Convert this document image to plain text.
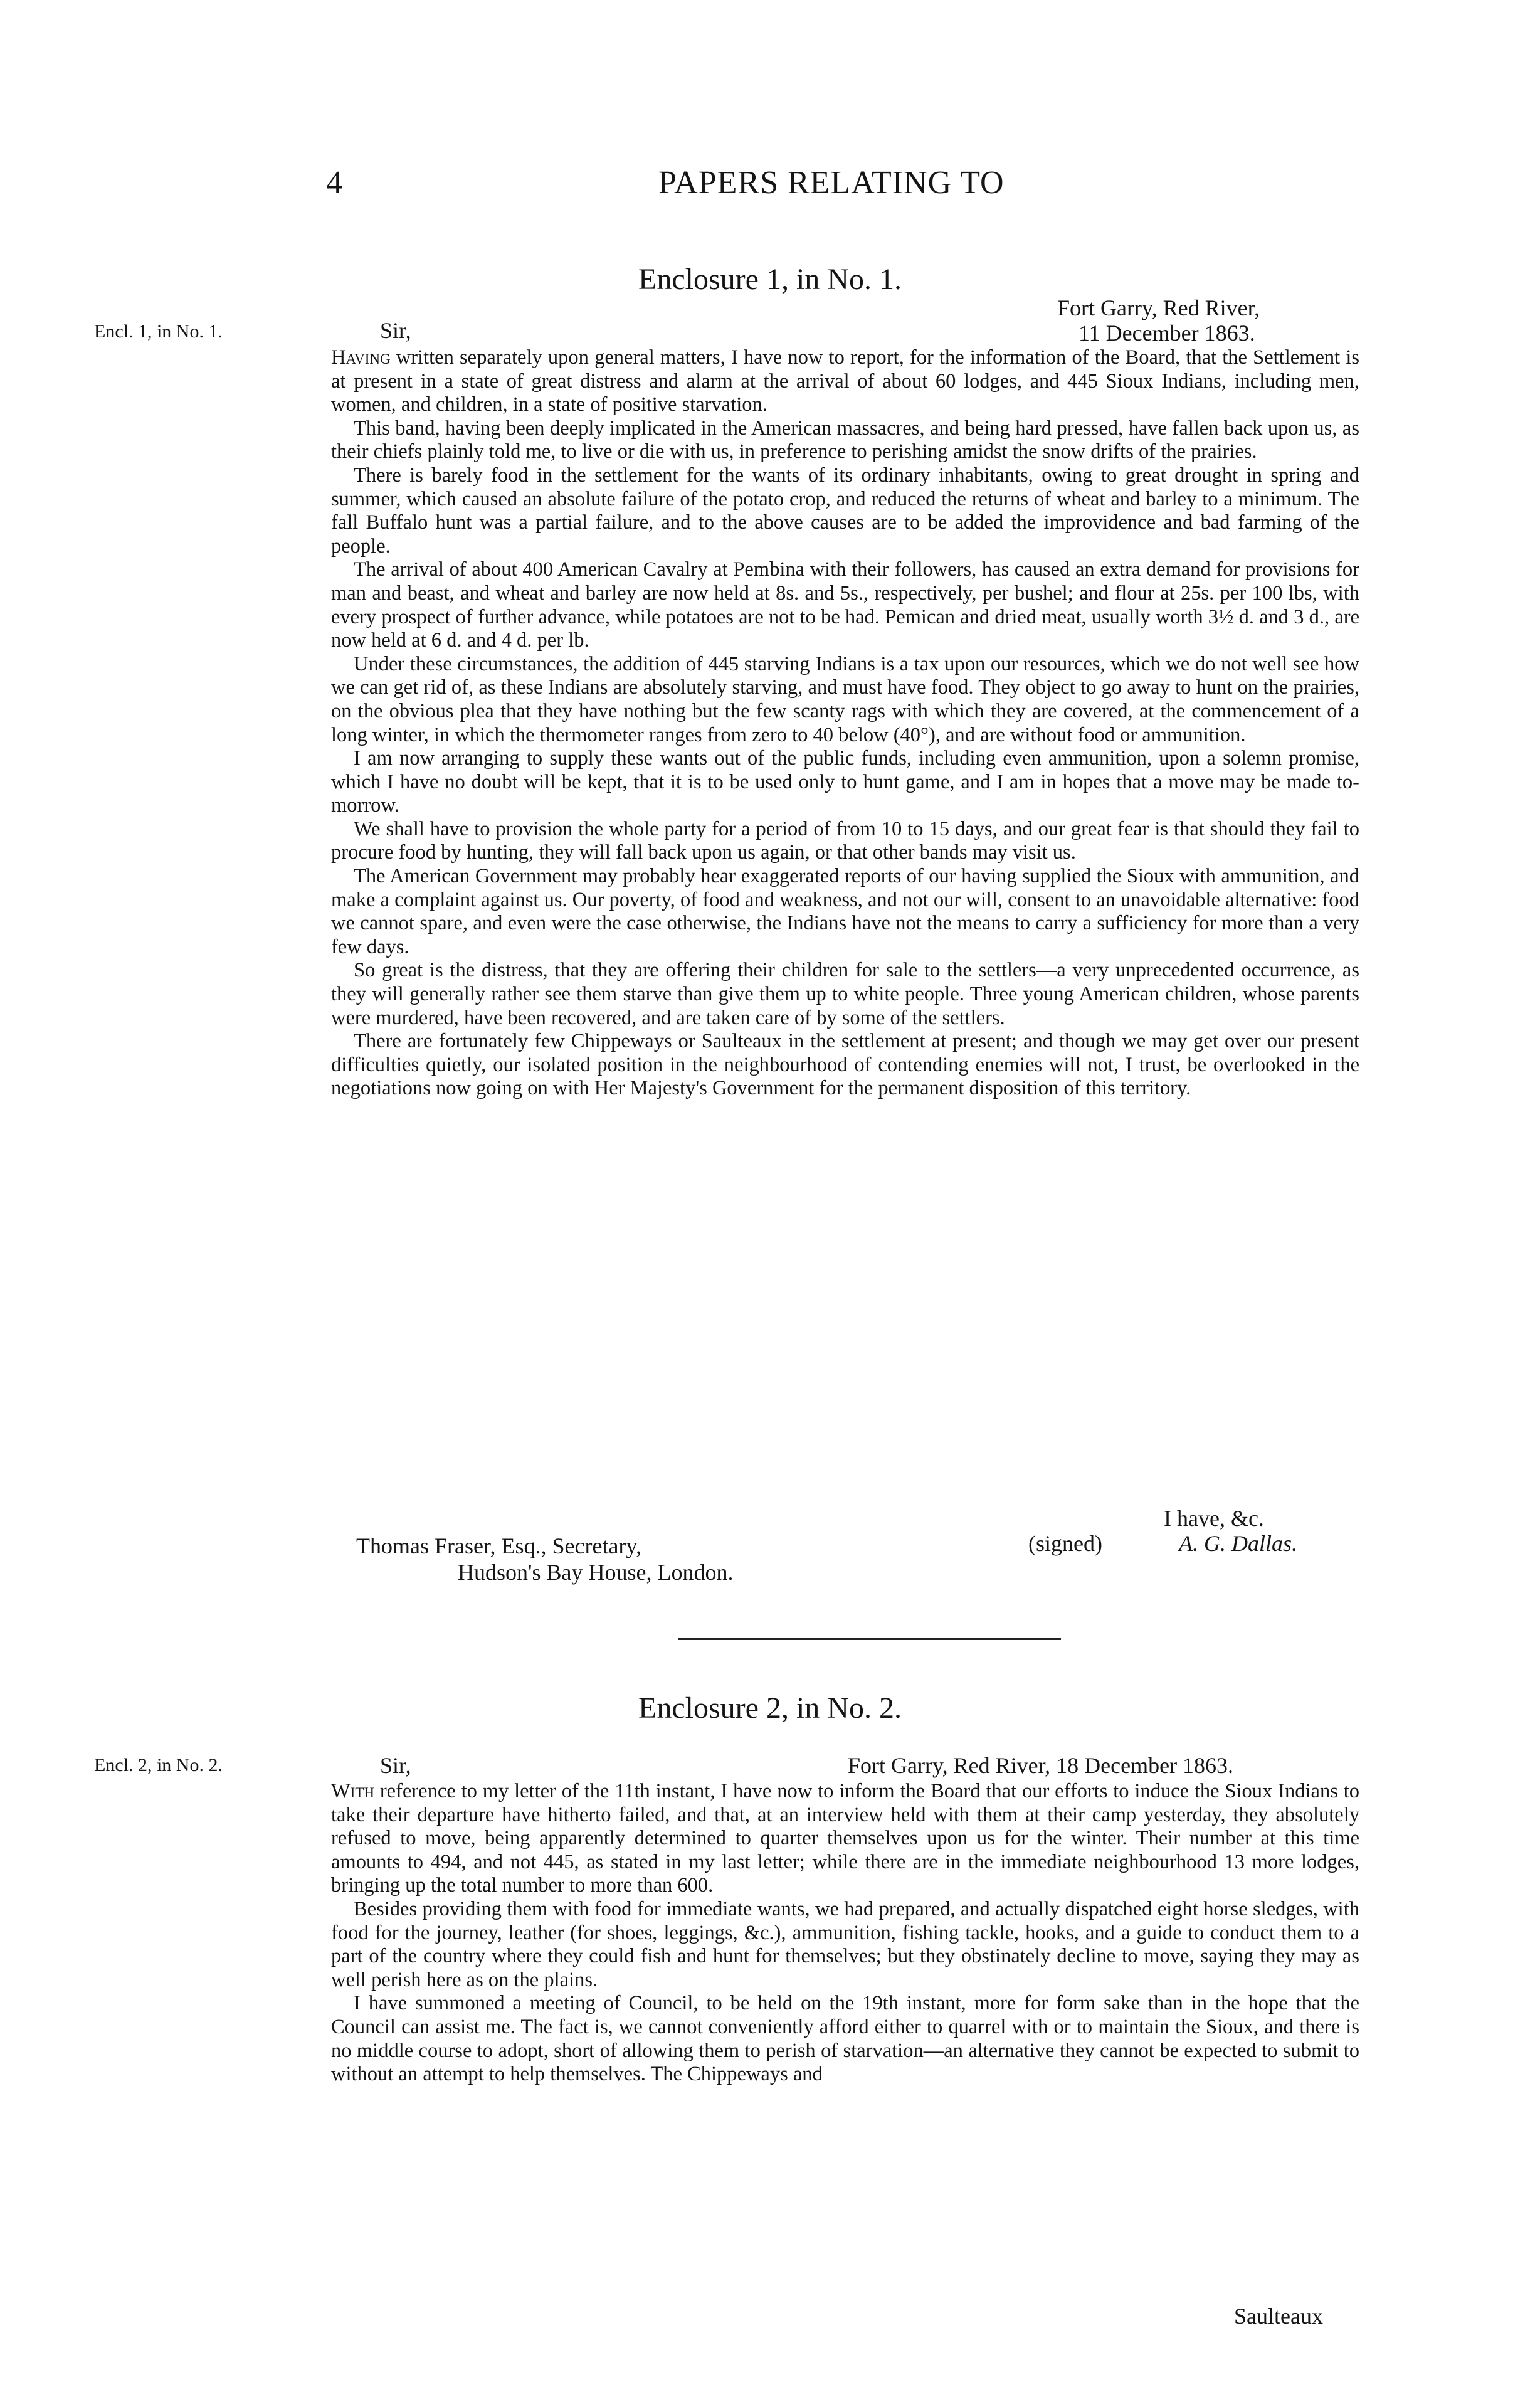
4	PAPERS RELATING TO
Enclosure 1, in No. 1.
Fort Garry, Red River,
Encl. 1, in No. 1.	Sir,	11 December 1863.

Having written separately upon general matters, I have now to report, for the information of the Board, that the Settlement is at present in a state of great distress and alarm at the arrival of about 60 lodges, and 445 Sioux Indians, including men, women, and children, in a state of positive starvation.

This band, having been deeply implicated in the American massacres, and being hard pressed, have fallen back upon us, as their chiefs plainly told me, to live or die with us, in preference to perishing amidst the snow drifts of the prairies.

There is barely food in the settlement for the wants of its ordinary inhabitants, owing to great drought in spring and summer, which caused an absolute failure of the potato crop, and reduced the returns of wheat and barley to a minimum. The fall Buffalo hunt was a partial failure, and to the above causes are to be added the improvidence and bad farming of the people.

The arrival of about 400 American Cavalry at Pembina with their followers, has caused an extra demand for provisions for man and beast, and wheat and barley are now held at 8s. and 5s., respectively, per bushel; and flour at 25s. per 100 lbs, with every prospect of further advance, while potatoes are not to be had. Pemican and dried meat, usually worth 3½ d. and 3 d., are now held at 6 d. and 4 d. per lb.

Under these circumstances, the addition of 445 starving Indians is a tax upon our resources, which we do not well see how we can get rid of, as these Indians are absolutely starving, and must have food. They object to go away to hunt on the prairies, on the obvious plea that they have nothing but the few scanty rags with which they are covered, at the commencement of a long winter, in which the thermometer ranges from zero to 40 below (40°), and are without food or ammunition.

I am now arranging to supply these wants out of the public funds, including even ammunition, upon a solemn promise, which I have no doubt will be kept, that it is to be used only to hunt game, and I am in hopes that a move may be made to-morrow.

We shall have to provision the whole party for a period of from 10 to 15 days, and our great fear is that should they fail to procure food by hunting, they will fall back upon us again, or that other bands may visit us.

The American Government may probably hear exaggerated reports of our having supplied the Sioux with ammunition, and make a complaint against us. Our poverty, of food and weakness, and not our will, consent to an unavoidable alternative: food we cannot spare, and even were the case otherwise, the Indians have not the means to carry a sufficiency for more than a very few days.

So great is the distress, that they are offering their children for sale to the settlers—a very unprecedented occurrence, as they will generally rather see them starve than give them up to white people. Three young American children, whose parents were murdered, have been recovered, and are taken care of by some of the settlers.

There are fortunately few Chippeways or Saulteaux in the settlement at present; and though we may get over our present difficulties quietly, our isolated position in the neighbourhood of contending enemies will not, I trust, be overlooked in the negotiations now going on with Her Majesty's Government for the permanent disposition of this territory.

I have, &c.
Thomas Fraser, Esq., Secretary,	(signed)	A. G. Dallas.
Hudson's Bay House, London.
Enclosure 2, in No. 2.
Encl. 2, in No. 2.	Sir,	Fort Garry, Red River, 18 December 1863.

With reference to my letter of the 11th instant, I have now to inform the Board that our efforts to induce the Sioux Indians to take their departure have hitherto failed, and that, at an interview held with them at their camp yesterday, they absolutely refused to move, being apparently determined to quarter themselves upon us for the winter. Their number at this time amounts to 494, and not 445, as stated in my last letter; while there are in the immediate neighbourhood 13 more lodges, bringing up the total number to more than 600.

Besides providing them with food for immediate wants, we had prepared, and actually dispatched eight horse sledges, with food for the journey, leather (for shoes, leggings, &c.), ammunition, fishing tackle, hooks, and a guide to conduct them to a part of the country where they could fish and hunt for themselves; but they obstinately decline to move, saying they may as well perish here as on the plains.

I have summoned a meeting of Council, to be held on the 19th instant, more for form sake than in the hope that the Council can assist me. The fact is, we cannot conveniently afford either to quarrel with or to maintain the Sioux, and there is no middle course to adopt, short of allowing them to perish of starvation—an alternative they cannot be expected to submit to without an attempt to help themselves. The Chippeways and

Saulteaux
